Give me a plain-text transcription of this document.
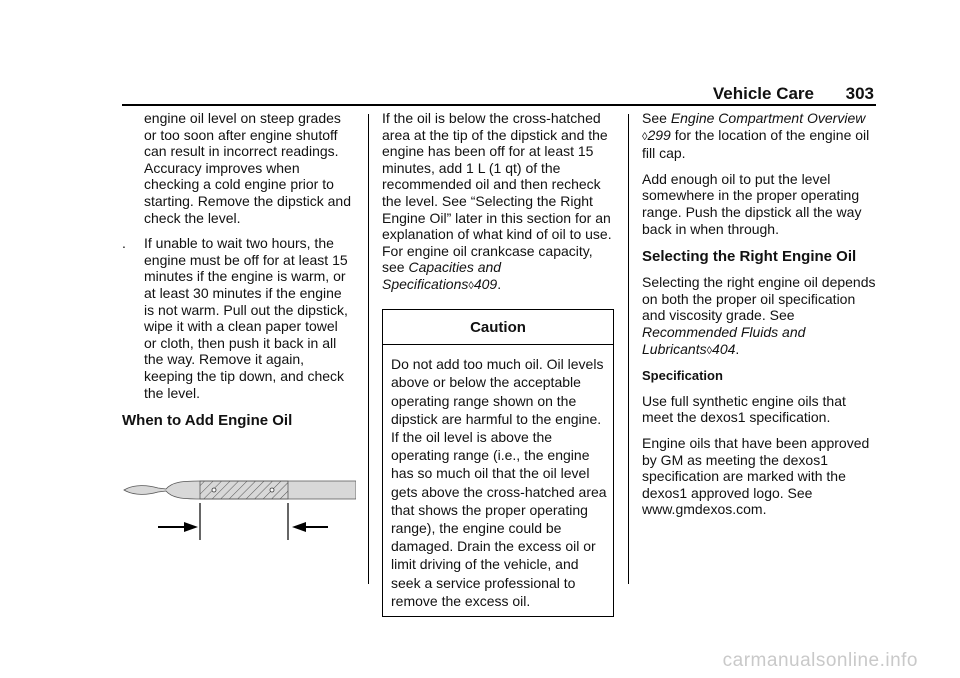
Vehicle Care 303

engine oil level on steep grades or too soon after engine shutoff can result in incorrect readings. Accuracy improves when checking a cold engine prior to starting. Remove the dipstick and check the level.

. If unable to wait two hours, the engine must be off for at least 15 minutes if the engine is warm, or at least 30 minutes if the engine is not warm. Pull out the dipstick, wipe it with a clean paper towel or cloth, then push it back in all the way. Remove it again, keeping the tip down, and check the level.

When to Add Engine Oil

If the oil is below the cross-hatched area at the tip of the dipstick and the engine has been off for at least 15 minutes, add 1 L (1 qt) of the recommended oil and then recheck the level. See “Selecting the Right Engine Oil” later in this section for an explanation of what kind of oil to use. For engine oil crankcase capacity, see Capacities and Specifications◊409.

Caution
Do not add too much oil. Oil levels above or below the acceptable operating range shown on the dipstick are harmful to the engine. If the oil level is above the operating range (i.e., the engine has so much oil that the oil level gets above the cross-hatched area that shows the proper operating range), the engine could be damaged. Drain the excess oil or limit driving of the vehicle, and seek a service professional to remove the excess oil.

See Engine Compartment Overview
◊299 for the location of the engine oil fill cap.

Add enough oil to put the level somewhere in the proper operating range. Push the dipstick all the way back in when through.

Selecting the Right Engine Oil

Selecting the right engine oil depends on both the proper oil specification and viscosity grade. See Recommended Fluids and Lubricants◊404.

Specification

Use full synthetic engine oils that meet the dexos1 specification.

Engine oils that have been approved by GM as meeting the dexos1 specification are marked with the dexos1 approved logo. See www.gmdexos.com.

carmanualsonline.info
